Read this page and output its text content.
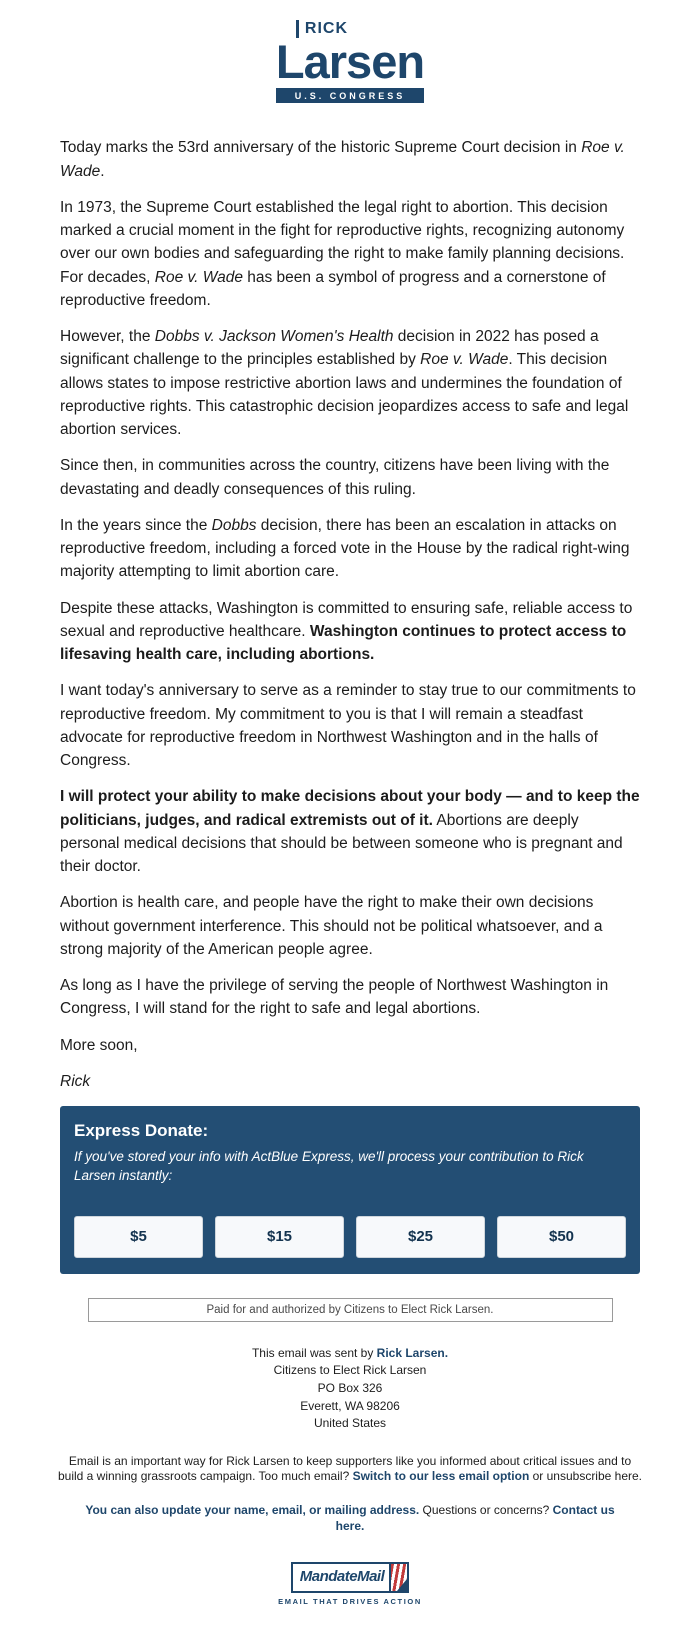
RICK
Larsen
U.S. CONGRESS

Today marks the 53rd anniversary of the historic Supreme Court decision in Roe v. Wade.

In 1973, the Supreme Court established the legal right to abortion. This decision marked a crucial moment in the fight for reproductive rights, recognizing autonomy over our own bodies and safeguarding the right to make family planning decisions. For decades, Roe v. Wade has been a symbol of progress and a cornerstone of reproductive freedom.

However, the Dobbs v. Jackson Women's Health decision in 2022 has posed a significant challenge to the principles established by Roe v. Wade. This decision allows states to impose restrictive abortion laws and undermines the foundation of reproductive rights. This catastrophic decision jeopardizes access to safe and legal abortion services.

Since then, in communities across the country, citizens have been living with the devastating and deadly consequences of this ruling.

In the years since the Dobbs decision, there has been an escalation in attacks on reproductive freedom, including a forced vote in the House by the radical right-wing majority attempting to limit abortion care.

Despite these attacks, Washington is committed to ensuring safe, reliable access to sexual and reproductive healthcare. Washington continues to protect access to lifesaving health care, including abortions.

I want today's anniversary to serve as a reminder to stay true to our commitments to reproductive freedom. My commitment to you is that I will remain a steadfast advocate for reproductive freedom in Northwest Washington and in the halls of Congress.

I will protect your ability to make decisions about your body — and to keep the politicians, judges, and radical extremists out of it. Abortions are deeply personal medical decisions that should be between someone who is pregnant and their doctor.

Abortion is health care, and people have the right to make their own decisions without government interference. This should not be political whatsoever, and a strong majority of the American people agree.

As long as I have the privilege of serving the people of Northwest Washington in Congress, I will stand for the right to safe and legal abortions.

More soon,

Rick

Express Donate:
If you've stored your info with ActBlue Express, we'll process your contribution to Rick Larsen instantly:
$5	$15	$25	$50
Paid for and authorized by Citizens to Elect Rick Larsen.

This email was sent by Rick Larsen.

Citizens to Elect Rick Larsen
PO Box 326
Everett, WA 98206
United States

Email is an important way for Rick Larsen to keep supporters like you informed about critical issues and to build a winning grassroots campaign. Too much email? Switch to our less email option or unsubscribe here.

You can also update your name, email, or mailing address. Questions or concerns? Contact us here.

MandateMail
EMAIL THAT DRIVES ACTION
